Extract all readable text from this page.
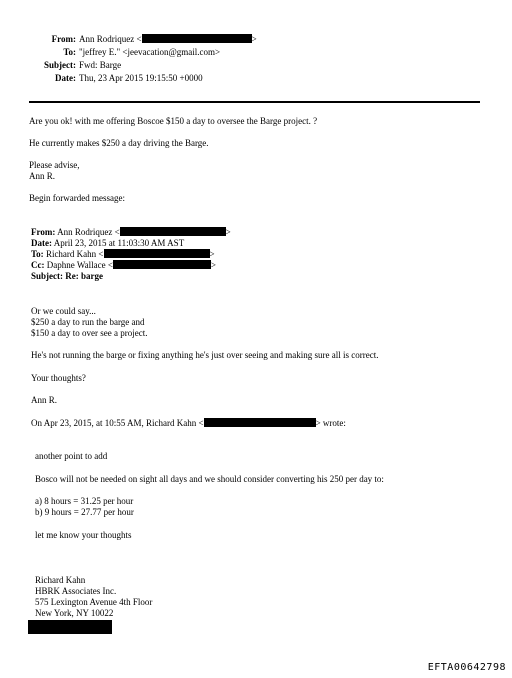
From: Ann Rodriquez <	>
To: "jeffrey E." <jeevacation@gmail.com>
Subject: Fwd: Barge
Date: Thu, 23 Apr 2015 19:15:50 +0000
Are you ok! with me offering Boscoe $150 a day to oversee the Barge project. ?
He currently makes $250 a day driving the Barge.
Please advise,
Ann R.
Begin forwarded message:
From: Ann Rodriquez <	>
Date: April 23, 2015 at 11:03:30 AM AST
To: Richard Kahn <	>
Cc: Daphne Wallace <	>
Subject: Re: barge
Or we could say...
$250 a day to run the barge and
$150 a day to over see a project.
He's not running the barge or fixing anything he's just over seeing and making sure all is correct.
Your thoughts?
Ann R.
On Apr 23, 2015, at 10:55 AM, Richard Kahn <	> wrote:
another point to add
Bosco will not be needed on sight all days and we should consider converting his 250 per day to:
a) 8 hours = 31.25 per hour
b) 9 hours = 27.77 per hour
let me know your thoughts
Richard Kahn
HBRK Associates Inc.
575 Lexington Avenue 4th Floor
New York, NY 10022
EFTA00642798
